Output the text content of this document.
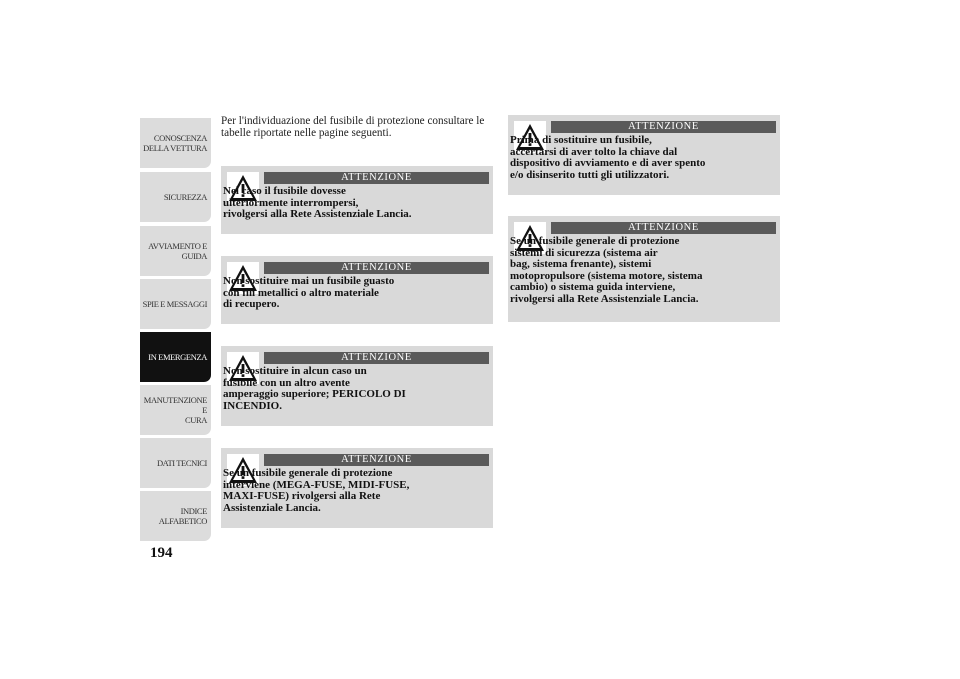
CONOSCENZA
DELLA VETTURA
SICUREZZA
AVVIAMENTO E
GUIDA
SPIE E MESSAGGI
IN EMERGENZA
MANUTENZIONE E
CURA
DATI TECNICI
INDICE
ALFABETICO
194
Per l'individuazione del fusibile di protezione consultare le tabelle riportate nelle pagine seguenti.
ATTENZIONE
Nel caso il fusibile dovesse
ulteriormente interrompersi,
rivolgersi alla Rete Assistenziale Lancia.
ATTENZIONE
Non sostituire mai un fusibile guasto
con fili metallici o altro materiale
di recupero.
ATTENZIONE
Non sostituire in alcun caso un
fusibile con un altro avente
amperaggio superiore; PERICOLO DI
INCENDIO.
ATTENZIONE
Se un fusibile generale di protezione
interviene (MEGA-FUSE, MIDI-FUSE,
MAXI-FUSE) rivolgersi alla Rete
Assistenziale Lancia.
ATTENZIONE
Prima di sostituire un fusibile,
accertarsi di aver tolto la chiave dal
dispositivo di avviamento e di aver spento
e/o disinserito tutti gli utilizzatori.
ATTENZIONE
Se un fusibile generale di protezione
sistemi di sicurezza (sistema air
bag, sistema frenante), sistemi
motopropulsore (sistema motore, sistema
cambio) o sistema guida interviene,
rivolgersi alla Rete Assistenziale Lancia.
